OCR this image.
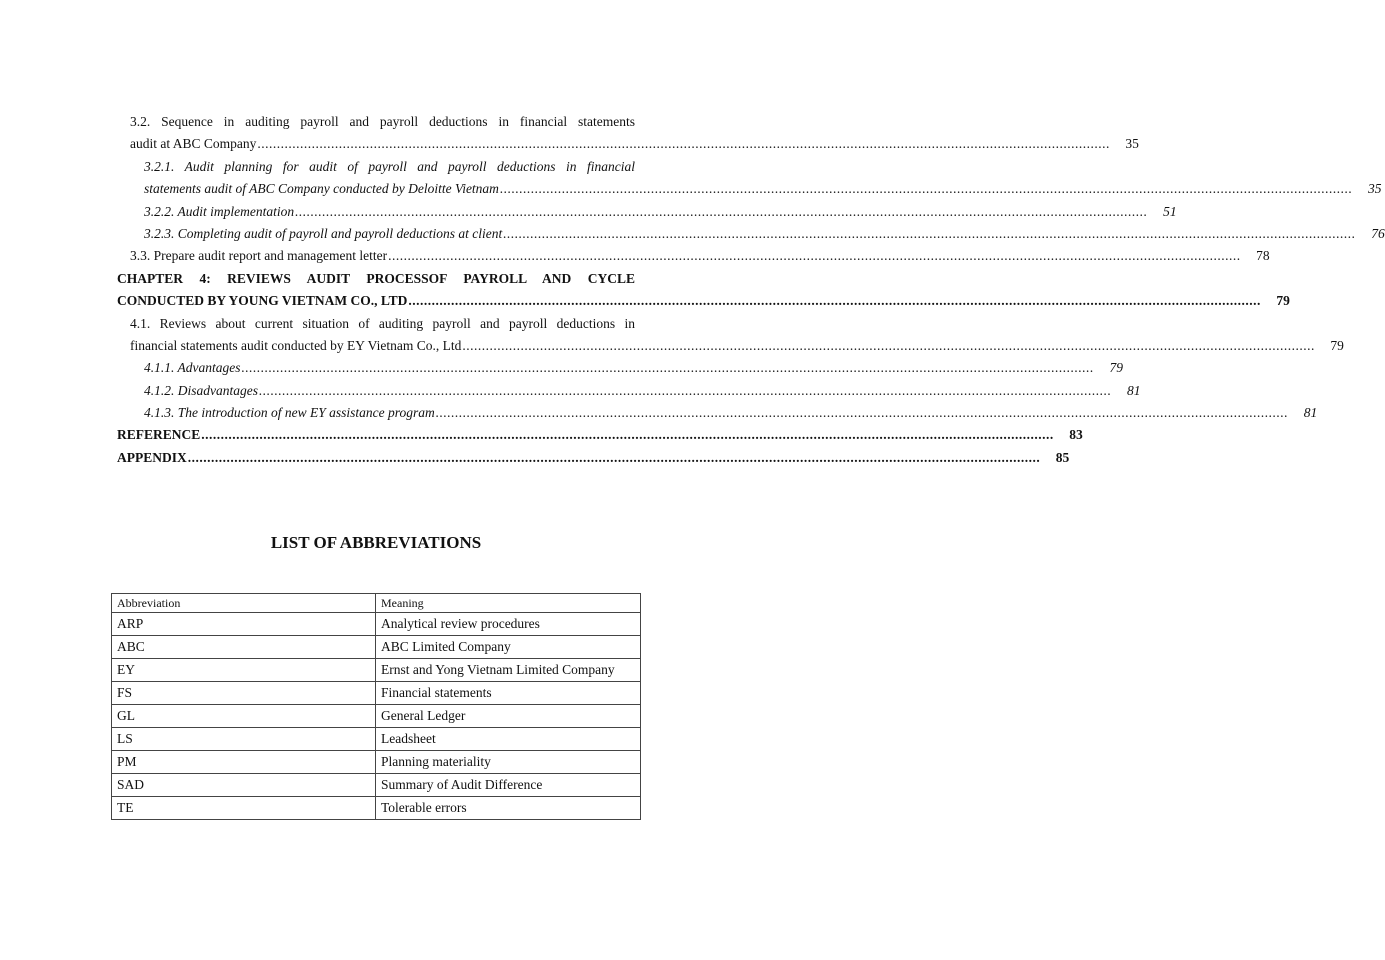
3.2. Sequence in auditing payroll and payroll deductions in financial statements
audit at ABC Company ............................................................................................................................................................................................................................	35
3.2.1. Audit planning for audit of payroll and payroll deductions in financial
statements audit of ABC Company conducted by Deloitte Vietnam ............................................................................................................................................................................................................................	35
3.2.2. Audit implementation ............................................................................................................................................................................................................................	51
3.2.3. Completing audit of payroll and payroll deductions at client ............................................................................................................................................................................................................................	76
3.3. Prepare audit report and management letter ............................................................................................................................................................................................................................	78
CHAPTER 4: REVIEWS AUDIT PROCESSOF PAYROLL AND CYCLE
CONDUCTED BY YOUNG VIETNAM CO., LTD ............................................................................................................................................................................................................................	79
4.1. Reviews about current situation of auditing payroll and payroll deductions in
financial statements audit conducted by EY Vietnam Co., Ltd ............................................................................................................................................................................................................................	79
4.1.1. Advantages ............................................................................................................................................................................................................................	79
4.1.2. Disadvantages ............................................................................................................................................................................................................................	81
4.1.3. The introduction of new EY assistance program ............................................................................................................................................................................................................................	81
REFERENCE ............................................................................................................................................................................................................................	83
APPENDIX ............................................................................................................................................................................................................................	85
LIST OF ABBREVIATIONS
Abbreviation	Meaning
ARP	Analytical review procedures
ABC	ABC Limited Company
EY	Ernst and Yong Vietnam Limited Company
FS	Financial statements
GL	General Ledger
LS	Leadsheet
PM	Planning materiality
SAD	Summary of Audit Difference
TE	Tolerable errors
